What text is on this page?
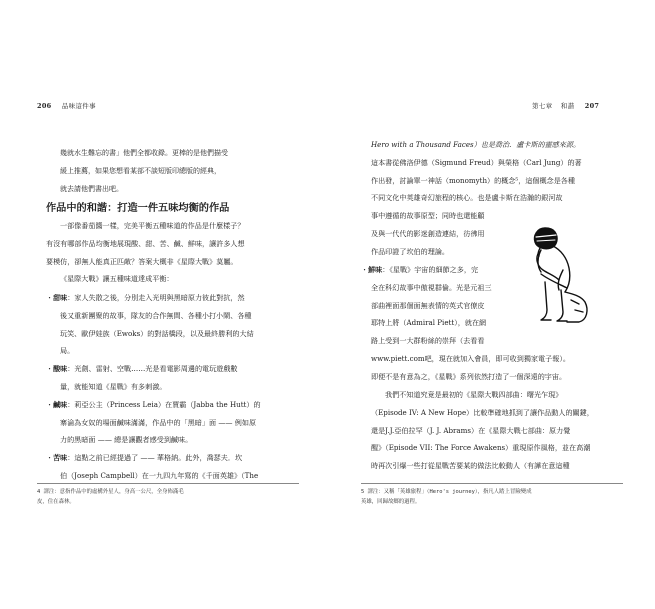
206 品味這件事
幾就水生難忘的書」他們全都收錄。更棒的是他們描受
緩上推薦，如果您想看某部不談短版印總版的經典，
就去請他們書出吧。
作品中的和諧：打造一件五味均衡的作品
一部像番茄醬一樣，完美平衡五種味道的作品是什麼樣子？
有沒有哪部作品均衡地展現酸、甜、苦、鹹、鮮味，讓許多人想
要模仿，卻無人能真正匹敵？答案大概非《星際大戰》莫屬。
《星際大戰》讓五種味道達成平衡：
・甜味：家人失散之後，分別走入光明與黑暗原力彼此對抗，然
後又重新團聚的故事，隊友的合作無間、各種小打小鬧、各種
玩笑、歐伊娃族（Ewoks）的對話橋段，以及最終勝利的大結
局。
・酸味：光劍、雷射、空戰……光是看電影周邊的電玩遊戲數
量，就能知道《星戰》有多刺激。
・鹹味：莉亞公主（Princess Leia）在賈霸（Jabba the Hutt）的
寨淪為女奴的場面鹹味滿滿，作品中的「黑暗」面 —— 例如原
力的黑暗面 —— 總是讓觀者感受到鹹味。
・苦味：這點之前已經提過了 —— 華格納。此外，喬瑟夫．坎
伯（Joseph Campbell）在一九四九年寫的《千面英雄》（The
4 譯注：意指作品中的虛構外星人，身高一公尺，全身佈滿毛
皮，住在森林。
第七章 和諧 207
Hero with a Thousand Faces）也是喬治．盧卡斯的靈感來源。
這本書從佛洛伊德（Sigmund Freud）與榮格（Carl Jung）的著
作出發，討論單一神話（monomyth）的概念⁵，這個概念是各種
不同文化中英雄奇幻旅程的核心。也是盧卡斯在浩瀚的銀河故
事中遵循的故事原型；同時也還能顧
及與一代代的影迷創造連結，彷彿用
作品印證了坎伯的理論。
・鮮味：《星戰》宇宙的細節之多，完
全在科幻故事中傲視群倫。光是元祖三
部曲裡面那個面無表情的英式官僚皮
耶特上將（Admiral Piett），就在網
路上受到一大群粉絲的崇拜（去看看
www.piett.com吧，現在就加入會員，即可收到獨家電子報）。
即便不是有意為之，《星戰》系列依然打造了一個深遠的宇宙。
我們不知道究竟是最初的《星際大戰四部曲：曙光乍現》
（Episode IV: A New Hope）比較準確地抓到了讓作品動人的關鍵，
還是J.J.亞伯拉罕（J. J. Abrams）在《星際大戰七部曲：原力覺
醒》（Episode VII: The Force Awakens）重現原作風格，並在高潮
時再次引爆一些打從星戰苦要某的做法比較動人（有譁在意這種
5 譯注：又稱「英雄旅程」（Hero's journey），指凡人踏上冒險變成
英雄，回歸故鄉的過程。
